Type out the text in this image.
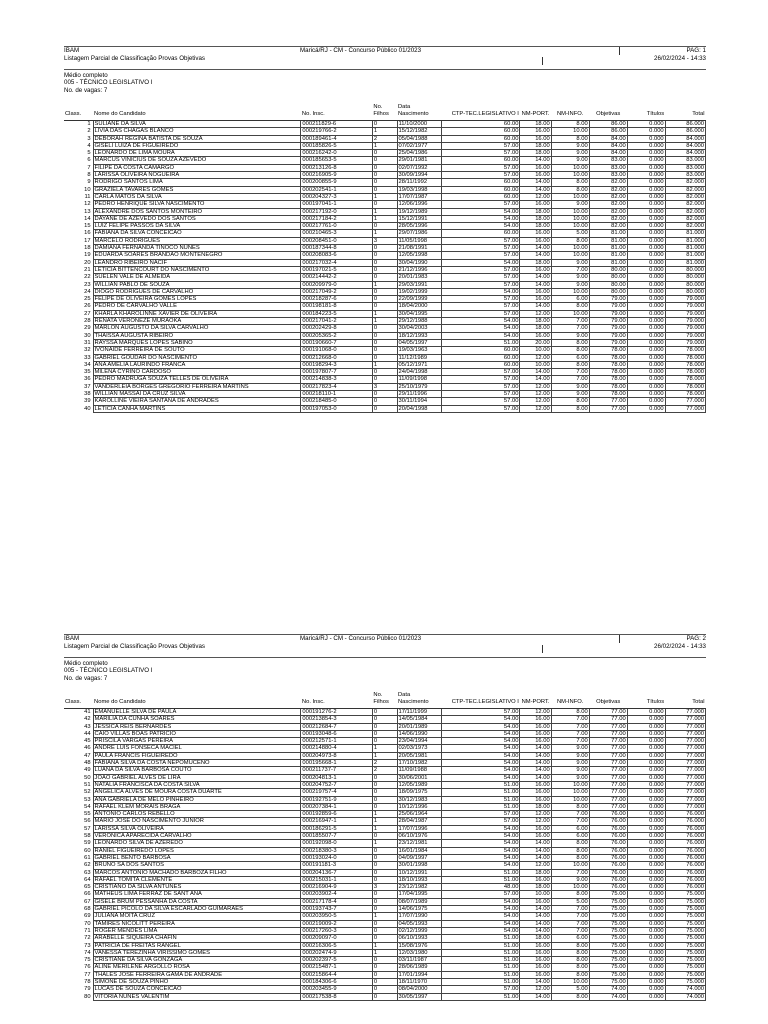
IBAM
Listagem Parcial de Classificação Provas Objetivas
Maricá/RJ - CM - Concurso Público 01/2023	PAG: 1
26/02/2024 - 14:33
Médio completo
005 - TÉCNICO LEGISLATIVO I
No. de vagas: 7
Class.	Nome do Candidato	No. Insc.	No. Filhos	Data Nascimento	CTP-TEC.LEGISLATIVO I	NM-PORT.	NM-INFO.	Objetivas	Títulos	Total
1	SULIANE DA SILVA	000211829-6	0	11/10/2000	60.00	18.00	8.00	86.00	0.000	86.000
2	LIVIA DAS CHAGAS BLANCO	000219766-2	1	15/12/1982	60.00	16.00	10.00	86.00	0.000	86.000
3	DEBORAH REGINA BATISTA DE SOUZA	000189461-4	2	05/04/1988	60.00	16.00	8.00	84.00	0.000	84.000
4	GISELI LUIZA DE FIGUEIREDO	000185826-5	1	07/02/1977	57.00	18.00	9.00	84.00	0.000	84.000
5	LEONARDO DE LIMA MOURA	000216242-0	0	25/04/1986	57.00	18.00	9.00	84.00	0.000	84.000
6	MARCUS VINICIUS DE SOUZA AZEVEDO	000185653-5	0	29/01/1981	60.00	14.00	9.00	83.00	0.000	83.000
7	FILIPE DA COSTA CAMARGO	000213126-8	0	02/07/1992	57.00	16.00	10.00	83.00	0.000	83.000
8	LARISSA OLIVEIRA NOGUEIRA	000216905-9	0	30/09/1994	57.00	16.00	10.00	83.00	0.000	83.000
9	RODRIGO SANTOS LIMA	000200855-9	0	28/11/1992	60.00	14.00	8.00	82.00	0.000	82.000
10	GRAZIELA TAVARES GOMES	000202541-1	0	19/03/1998	60.00	14.00	8.00	82.00	0.000	82.000
11	CARLA MATOS DA SILVA	000204327-3	1	17/07/1987	60.00	12.00	10.00	82.00	0.000	82.000
12	PEDRO HENRIQUE SILVA NASCIMENTO	000197041-1	0	12/06/1996	57.00	16.00	9.00	82.00	0.000	82.000
13	ALEXANDRE DOS SANTOS MONTEIRO	000217192-0	1	19/12/1989	54.00	18.00	10.00	82.00	0.000	82.000
14	DAYANE DE AZEVEDO DOS SANTOS	000217184-2	1	15/12/1991	54.00	18.00	10.00	82.00	0.000	82.000
15	LUIZ FELIPE PASSOS DA SILVA	000217761-0	0	28/05/1996	54.00	18.00	10.00	82.00	0.000	82.000
16	FABIANA DA SILVA CONCEICAO	000210465-3	1	29/07/1986	60.00	16.00	5.00	81.00	0.000	81.000
17	MARCELO RODRIGUES	000208451-0	3	11/05/1998	57.00	16.00	8.00	81.00	0.000	81.000
18	DAMIANA FERNANDA TINOCO NUNES	000187344-8	0	21/08/1991	57.00	14.00	10.00	81.00	0.000	81.000
19	EDUARDA SOARES BRANDAO MONTENEGRO	000208083-6	0	12/05/1998	57.00	14.00	10.00	81.00	0.000	81.000
20	LEANDRO RIBEIRO NACIF	000217032-4	0	30/04/1990	54.00	18.00	9.00	81.00	0.000	81.000
21	LETICIA BITTENCOURT DO NASCIMENTO	000197021-5	0	21/12/1996	57.00	16.00	7.00	80.00	0.000	80.000
22	SUELEN VALE DE ALMEIDA	000214442-2	0	20/01/1983	57.00	14.00	9.00	80.00	0.000	80.000
23	WILLIAN PABLO DE SOUZA	000209979-0	1	29/03/1991	57.00	14.00	9.00	80.00	0.000	80.000
24	DIOGO RODRIGUES DE CARVALHO	000217049-2	0	19/02/1999	54.00	16.00	10.00	80.00	0.000	80.000
25	FELIPE DE OLIVEIRA GOMES LOPES	000218287-6	0	22/09/1999	57.00	16.00	6.00	79.00	0.000	79.000
26	PEDRO DE CARVALHO VALLE	000198181-8	0	18/04/2000	57.00	14.00	8.00	79.00	0.000	79.000
27	KHARLA KHAROLINNE XAVIER DE OLIVEIRA	000184223-5	1	30/04/1995	57.00	12.00	10.00	79.00	0.000	79.000
28	RENATA VERONEZE MURAOKA	000217041-2	1	29/12/1988	54.00	18.00	7.00	79.00	0.000	79.000
29	MARLON AUGUSTO DA SILVA CARVALHO	000202429-8	0	30/04/2003	54.00	18.00	7.00	79.00	0.000	79.000
30	THAISSA AUGUSTA RIBEIRO	000205365-2	0	18/12/1993	54.00	16.00	9.00	79.00	0.000	79.000
31	RAYSSA MARQUES LOPES SABINO	000190660-7	0	04/05/1997	51.00	20.00	8.00	79.00	0.000	79.000
32	IVONAIDE FERREIRA DE SOUTO	000191068-0	0	19/03/1963	60.00	10.00	8.00	78.00	0.000	78.000
33	GABRIEL GOUDAR DO NASCIMENTO	000212668-0	0	11/12/1989	60.00	12.00	6.00	78.00	0.000	78.000
34	ANA AMELIA LAURINDO FRANCA	000198294-3	1	05/12/1971	60.00	10.00	8.00	78.00	0.000	78.000
35	MILENA CYRINO CARDOSO	000197807-7	0	24/04/1998	57.00	14.00	7.00	78.00	0.000	78.000
36	PEDRO MADRUGA SOUZA TELLES DE OLIVEIRA	000214838-3	0	11/09/1998	57.00	14.00	7.00	78.00	0.000	78.000
37	VANDERLEIA BORGES GREGORIO FERREIRA MARTINS	000217823-4	3	25/10/1979	57.00	12.00	9.00	78.00	0.000	78.000
38	WILLIAN MASSAI DA CRUZ SILVA	000218110-1	0	29/11/1996	57.00	12.00	9.00	78.00	0.000	78.000
39	KAROLLINE VIEIRA SANTANA DE ANDRADES	000218485-0	0	30/11/1994	57.00	12.00	8.00	77.00	0.000	77.000
40	LETICIA CANHA MARTINS	000197053-0	0	20/04/1998	57.00	12.00	8.00	77.00	0.000	77.000
IBAM
Listagem Parcial de Classificação Provas Objetivas
Maricá/RJ - CM - Concurso Público 01/2023	PAG: 2
26/02/2024 - 14:33
Médio completo
005 - TÉCNICO LEGISLATIVO I
No. de vagas: 7
Class.	Nome do Candidato	No. Insc.	No. Filhos	Data Nascimento	CTP-TEC.LEGISLATIVO I	NM-PORT.	NM-INFO.	Objetivas	Títulos	Total
41	EMANUELLE SILVA DE PAULA	000191276-2	0	17/11/1999	57.00	12.00	8.00	77.00	0.000	77.000
42	MARILIA DA CUNHA SOARES	000213854-3	0	14/05/1984	54.00	16.00	7.00	77.00	0.000	77.000
43	JESSICA REIS BERNARDES	000212684-7	0	20/01/1989	54.00	16.00	7.00	77.00	0.000	77.000
44	CAIO VILLAS BOAS PATRICIO	000193048-6	0	14/06/1990	54.00	16.00	7.00	77.00	0.000	77.000
45	PRISCILA VARGAS PEREIRA	000212571-1	0	23/04/1994	54.00	16.00	7.00	77.00	0.000	77.000
46	ANDRE LUIS FONSECA MACIEL	000214880-4	1	02/03/1973	54.00	14.00	9.00	77.00	0.000	77.000
47	PAULA FRANCIS FIGUEIREDO	000204973-8	1	20/05/1981	54.00	14.00	9.00	77.00	0.000	77.000
48	FABIANA SILVA DA COSTA NEPOMUCENO	000195668-1	2	17/10/1982	54.00	14.00	9.00	77.00	0.000	77.000
49	LUANA DA SILVA BARBOSA COUTO	000211737-7	2	11/09/1988	54.00	14.00	9.00	77.00	0.000	77.000
50	JOAO GABRIEL ALVES DE LIRA	000204813-1	0	30/06/2001	54.00	14.00	9.00	77.00	0.000	77.000
51	NATALIA FRANCISCA DA COSTA SILVA	000204752-7	0	12/05/1989	51.00	16.00	10.00	77.00	0.000	77.000
52	ANGELICA ALVES DE MOURA COSTA DUARTE	000219757-4	0	18/09/1975	51.00	16.00	10.00	77.00	0.000	77.000
53	ANA GABRIELA DE MELO PINHEIRO	000192751-9	0	30/12/1983	51.00	16.00	10.00	77.00	0.000	77.000
54	RAFAEL KLEM MORAIS BRAGA	000207384-1	0	10/12/1996	51.00	18.00	8.00	77.00	0.000	77.000
55	ANTONIO CARLOS REBELLO	000192859-6	1	25/06/1964	57.00	12.00	7.00	76.00	0.000	76.000
56	MARIO JOSE DO NASCIMENTO JUNIOR	000216947-1	1	28/04/1987	57.00	12.00	7.00	76.00	0.000	76.000
57	LARISSA SILVA OLIVEIRA	000186291-5	1	17/07/1996	54.00	16.00	6.00	76.00	0.000	76.000
58	VERONICA APARECIDA CARVALHO	000185507-7	0	06/10/1976	54.00	16.00	6.00	76.00	0.000	76.000
59	LEONARDO SILVA DE AZEREDO	000192098-0	1	23/12/1981	54.00	14.00	8.00	76.00	0.000	76.000
60	RANIEL FIGUEIREDO LOPES	000218380-3	0	16/01/1984	54.00	14.00	8.00	76.00	0.000	76.000
61	GABRIEL BENTO BARBOSA	000193024-0	0	04/09/1997	54.00	14.00	8.00	76.00	0.000	76.000
62	BRUNO SA DOS SANTOS	000191181-3	0	30/01/1998	54.00	12.00	10.00	76.00	0.000	76.000
63	MARCOS ANTONIO MACHADO BARBOZA FILHO	000204136-7	0	10/12/1991	51.00	18.00	7.00	76.00	0.000	76.000
64	RAFAEL TOMITA CLEMENTE	000215031-1	0	18/10/1993	51.00	16.00	9.00	76.00	0.000	76.000
65	CRISTIANO DA SILVA ANTUNES	000216904-9	3	23/12/1982	48.00	18.00	10.00	76.00	0.000	76.000
66	MATHEUS LIMA FERRAZ DE SANT ANA	000203902-4	0	17/04/1995	57.00	10.00	8.00	75.00	0.000	75.000
67	GISELE BRUM PESSANHA DA COSTA	000217178-4	0	08/07/1989	54.00	16.00	5.00	75.00	0.000	75.000
68	GABRIEL PICOLO DA SILVA ESCARLADO GUIMARAES	000193743-7	0	14/06/1975	54.00	14.00	7.00	75.00	0.000	75.000
69	JULIANA MOITA CRUZ	000203950-5	1	17/07/1990	54.00	14.00	7.00	75.00	0.000	75.000
70	TAMIRES NICOLITT PEREIRA	000219009-2	0	04/05/1993	54.00	14.00	7.00	75.00	0.000	75.000
71	ROGER MENDES LIMA	000217260-3	0	02/12/1999	54.00	14.00	7.00	75.00	0.000	75.000
72	ARABELLE SIQUEIRA CHAFIN	000209097-0	0	06/10/1993	51.00	18.00	6.00	75.00	0.000	75.000
73	PATRICIA DE FREITAS RANGEL	000216306-5	1	15/08/1976	51.00	16.00	8.00	75.00	0.000	75.000
74	VANESSA TEREZINHA VIRISSIMO GOMES	000202474-9	1	12/03/1980	51.00	16.00	8.00	75.00	0.000	75.000
75	CRISTIANE DA SILVA GONZAGA	000202397-5	0	03/11/1987	51.00	16.00	8.00	75.00	0.000	75.000
76	ALINE MERILENE ARGOLLO ROSA	000215487-1	0	28/06/1989	51.00	16.00	8.00	75.00	0.000	75.000
77	THALES JOSE FERREIRA GAMA DE ANDRADE	000215864-4	0	17/01/1994	51.00	16.00	8.00	75.00	0.000	75.000
78	SIMONE DE SOUZA PINHO	000184306-6	0	18/11/1970	51.00	14.00	10.00	75.00	0.000	75.000
79	LUCAS DE SOUZA CONCEICAO	000203455-9	0	08/04/2000	57.00	12.00	5.00	74.00	0.000	74.000
80	VITORIA NUNES VALENTIM	000217538-8	0	30/05/1997	51.00	14.00	8.00	74.00	0.000	74.000
